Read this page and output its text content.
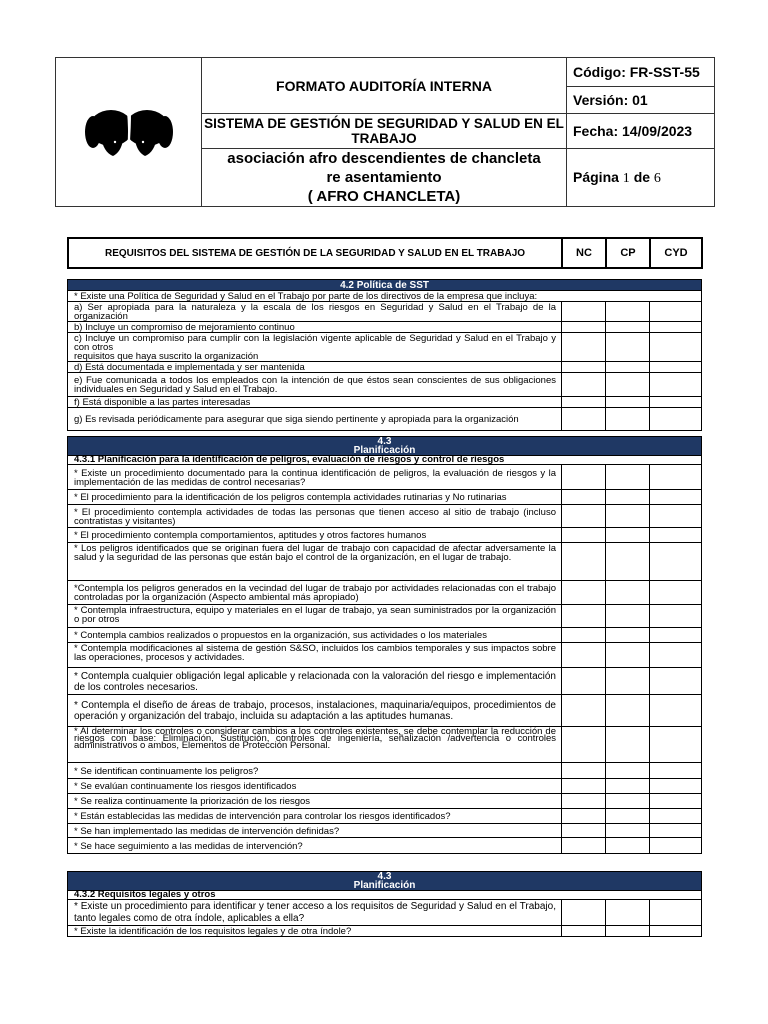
	FORMATO AUDITORÍA INTERNA	Código: FR-SST-55
		Versión: 01
	SISTEMA DE GESTIÓN DE SEGURIDAD Y SALUD EN EL TRABAJO	Fecha: 14/09/2023

	asociación afro descendientes de chancleta
re asentamiento
( AFRO CHANCLETA)	Página 1 de 6
REQUISITOS DEL SISTEMA DE GESTIÓN DE LA SEGURIDAD Y SALUD EN EL TRABAJO	NC	CP	CYD
4.2 Política de SST			
* Existe una Política de Seguridad y Salud en el Trabajo por parte de los directivos de la empresa que incluya:			
a) Ser apropiada para la naturaleza y la escala de los riesgos en Seguridad y Salud en el Trabajo de la organización			
b) Incluye un compromiso de mejoramiento continuo			

c) Incluye un compromiso para cumplir con la legislación vigente aplicable de Seguridad y Salud en el Trabajo y con otros
requisitos que haya suscrito la organización			

d) Está documentada e implementada y ser mantenida			
e) Fue comunicada a todos los empleados con la intención de que éstos sean conscientes de sus obligaciones individuales en Seguridad y Salud en el Trabajo.			
f) Está disponible a las partes interesadas			
g) Es revisada periódicamente para asegurar que siga siendo pertinente y apropiada para la organización			
4.3
Planificación			

4.3.1 Planificación para la identificación de peligros, evaluación de riesgos y control de riesgos			
* Existe un procedimiento documentado para la continua identificación de peligros, la evaluación de riesgos y la implementación de las medidas de control necesarias?			
* El procedimiento para la identificación de los peligros contempla actividades rutinarias y No rutinarias			
* El procedimiento contempla actividades de todas las personas que tienen acceso al sitio de trabajo (incluso contratistas y visitantes)			
* El procedimiento contempla comportamientos, aptitudes y otros factores humanos			
* Los peligros identificados que se originan fuera del lugar de trabajo con capacidad de afectar adversamente la salud y la seguridad de las personas que están bajo el control de la organización, en el lugar de trabajo.			
*Contempla los peligros generados en la vecindad del lugar de trabajo por actividades relacionadas con el trabajo controladas por la organización (Aspecto ambiental más apropiado)			
* Contempla infraestructura, equipo y materiales en el lugar de trabajo, ya sean suministrados por la organización o por otros			
* Contempla cambios realizados o propuestos en la organización, sus actividades o los materiales			
* Contempla modificaciones al sistema de gestión S&SO, incluidos los cambios temporales y sus impactos sobre las operaciones, procesos y actividades.			
* Contempla cualquier obligación legal aplicable y relacionada con la valoración del riesgo e implementación de los controles necesarios.			
* Contempla el diseño de áreas de trabajo, procesos, instalaciones, maquinaria/equipos, procedimientos de operación y organización del trabajo, incluida su adaptación a las aptitudes humanas.			
* Al determinar los controles o considerar cambios a los controles existentes, se debe contemplar la reducción de riesgos con base: Eliminación, Sustitución, controles de ingeniería, señalización /advertencia o controles administrativos o ambos, Elementos de Protección Personal.			
* Se identifican continuamente los peligros?			
* Se evalúan continuamente los riesgos identificados			
* Se realiza continuamente la priorización de los riesgos			
* Están establecidas las medidas de intervención para controlar los riesgos identificados?			
* Se han implementado las medidas de intervención definidas?			
* Se hace seguimiento a las medidas de intervención?			
4.3
Planificación			

4.3.2 Requisitos legales y otros			
* Existe un procedimiento para identificar y tener acceso a los requisitos de Seguridad y Salud en el Trabajo, tanto legales como de otra índole, aplicables a ella?			
* Existe la identificación de los requisitos legales y de otra índole?			
